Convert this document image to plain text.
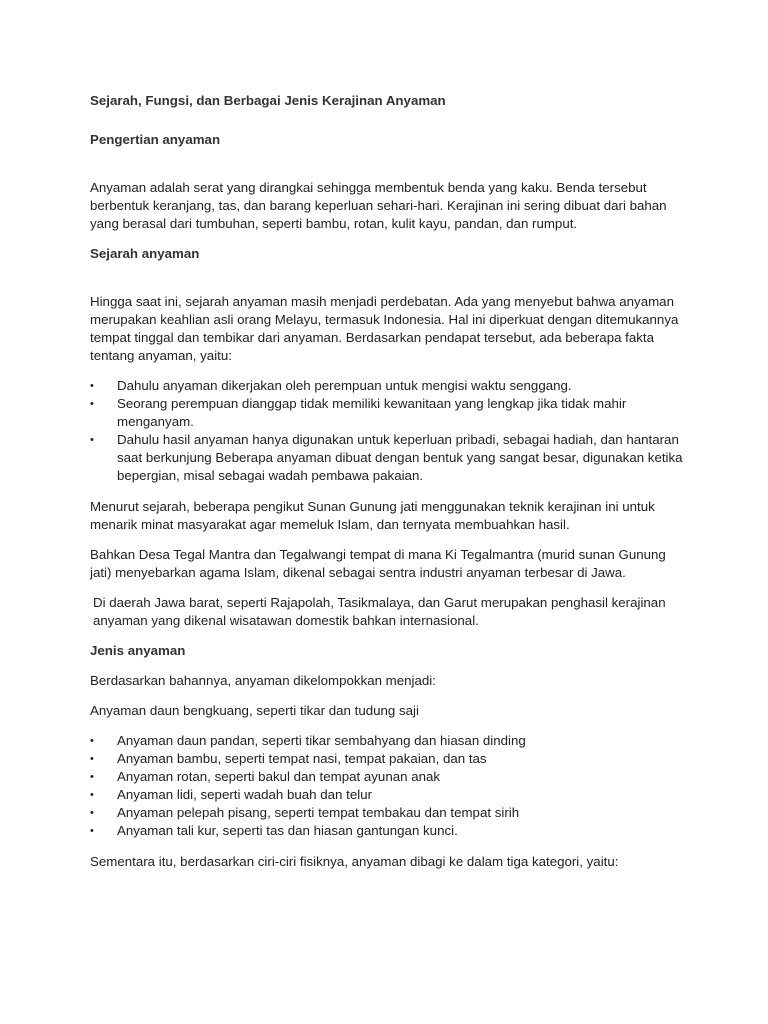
Sejarah, Fungsi, dan Berbagai Jenis Kerajinan Anyaman
Pengertian anyaman

Anyaman adalah serat yang dirangkai sehingga membentuk benda yang kaku. Benda tersebut berbentuk keranjang, tas, dan barang keperluan sehari-hari. Kerajinan ini sering dibuat dari bahan yang berasal dari tumbuhan, seperti bambu, rotan, kulit kayu, pandan, dan rumput.

Sejarah anyaman

Hingga saat ini, sejarah anyaman masih menjadi perdebatan. Ada yang menyebut bahwa anyaman merupakan keahlian asli orang Melayu, termasuk Indonesia. Hal ini diperkuat dengan ditemukannya tempat tinggal dan tembikar dari anyaman. Berdasarkan pendapat tersebut, ada beberapa fakta tentang anyaman, yaitu:

•	Dahulu anyaman dikerjakan oleh perempuan untuk mengisi waktu senggang.
•	Seorang perempuan dianggap tidak memiliki kewanitaan yang lengkap jika tidak mahir menganyam.
•	Dahulu hasil anyaman hanya digunakan untuk keperluan pribadi, sebagai hadiah, dan hantaran saat berkunjung Beberapa anyaman dibuat dengan bentuk yang sangat besar, digunakan ketika bepergian, misal sebagai wadah pembawa pakaian.

Menurut sejarah, beberapa pengikut Sunan Gunung jati menggunakan teknik kerajinan ini untuk menarik minat masyarakat agar memeluk Islam, dan ternyata membuahkan hasil.

Bahkan Desa Tegal Mantra dan Tegalwangi tempat di mana Ki Tegalmantra (murid sunan Gunung jati) menyebarkan agama Islam, dikenal sebagai sentra industri anyaman terbesar di Jawa.

Di daerah Jawa barat, seperti Rajapolah, Tasikmalaya, dan Garut merupakan penghasil kerajinan anyaman yang dikenal wisatawan domestik bahkan internasional.

Jenis anyaman

Berdasarkan bahannya, anyaman dikelompokkan menjadi:

Anyaman daun bengkuang, seperti tikar dan tudung saji

•	Anyaman daun pandan, seperti tikar sembahyang dan hiasan dinding
•	Anyaman bambu, seperti tempat nasi, tempat pakaian, dan tas
•	Anyaman rotan, seperti bakul dan tempat ayunan anak
•	Anyaman lidi, seperti wadah buah dan telur
•	Anyaman pelepah pisang, seperti tempat tembakau dan tempat sirih
•	Anyaman tali kur, seperti tas dan hiasan gantungan kunci.

Sementara itu, berdasarkan ciri-ciri fisiknya, anyaman dibagi ke dalam tiga kategori, yaitu:
